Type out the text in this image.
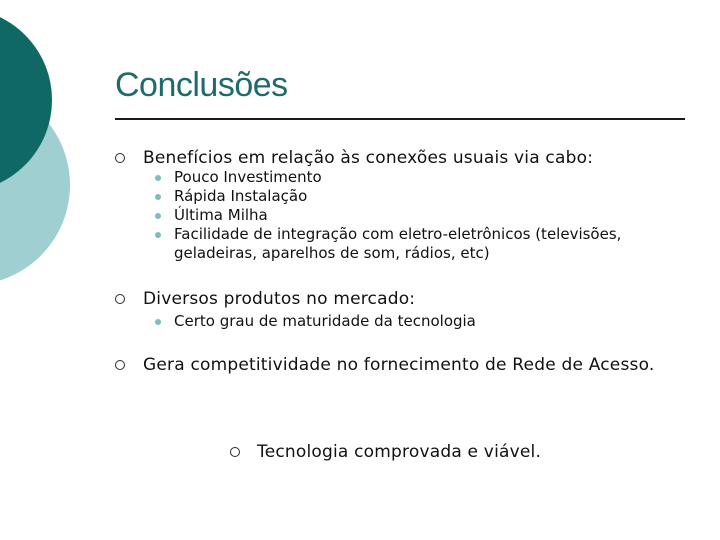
Conclusões
Benefícios em relação às conexões usuais via cabo:
Pouco Investimento
Rápida Instalação
Última Milha
Facilidade de integração com eletro-eletrônicos (televisões, geladeiras, aparelhos de som, rádios, etc)
Diversos produtos no mercado:
Certo grau de maturidade da tecnologia
Gera competitividade no fornecimento de Rede de Acesso.
Tecnologia comprovada e viável.
